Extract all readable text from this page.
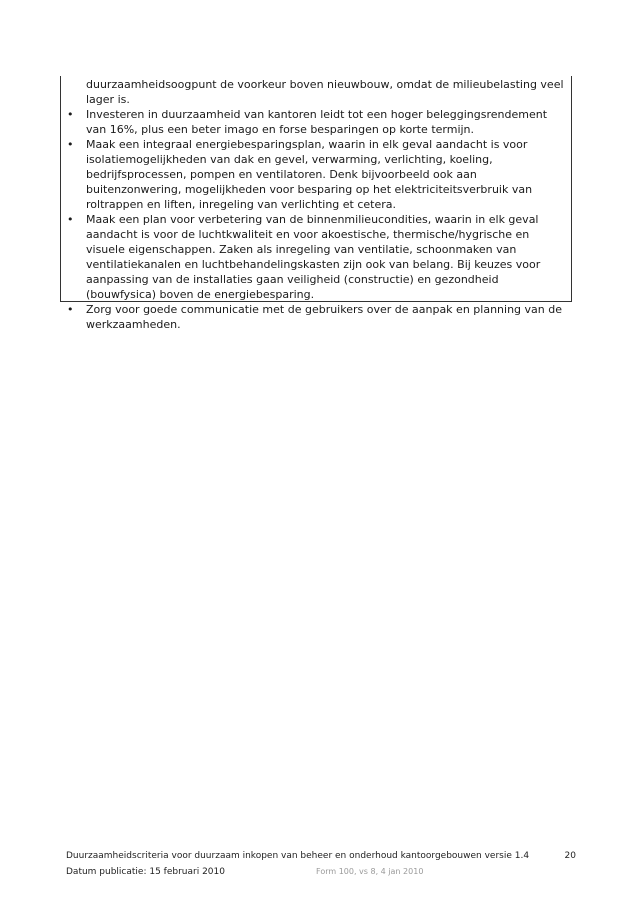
duurzaamheidsoogpunt de voorkeur boven nieuwbouw, omdat de milieubelasting veel lager is.

• Investeren in duurzaamheid van kantoren leidt tot een hoger beleggingsrendement van 16%, plus een beter imago en forse besparingen op korte termijn.
• Maak een integraal energiebesparingsplan, waarin in elk geval aandacht is voor isolatiemogelijkheden van dak en gevel, verwarming, verlichting, koeling, bedrijfsprocessen, pompen en ventilatoren. Denk bijvoorbeeld ook aan buitenzonwering, mogelijkheden voor besparing op het elektriciteitsverbruik van roltrappen en liften, inregeling van verlichting et cetera.
• Maak een plan voor verbetering van de binnenmilieucondities, waarin in elk geval aandacht is voor de luchtkwaliteit en voor akoestische, thermische/hygrische en visuele eigenschappen. Zaken als inregeling van ventilatie, schoonmaken van ventilatiekanalen en luchtbehandelingskasten zijn ook van belang. Bij keuzes voor aanpassing van de installaties gaan veiligheid (constructie) en gezondheid (bouwfysica) boven de energiebesparing.
• Zorg voor goede communicatie met de gebruikers over de aanpak en planning van de werkzaamheden.
Duurzaamheidscriteria voor duurzaam inkopen van beheer en onderhoud kantoorgebouwen versie 1.4	20
Datum publicatie: 15 februari 2010	Form 100, vs 8, 4 jan 2010
